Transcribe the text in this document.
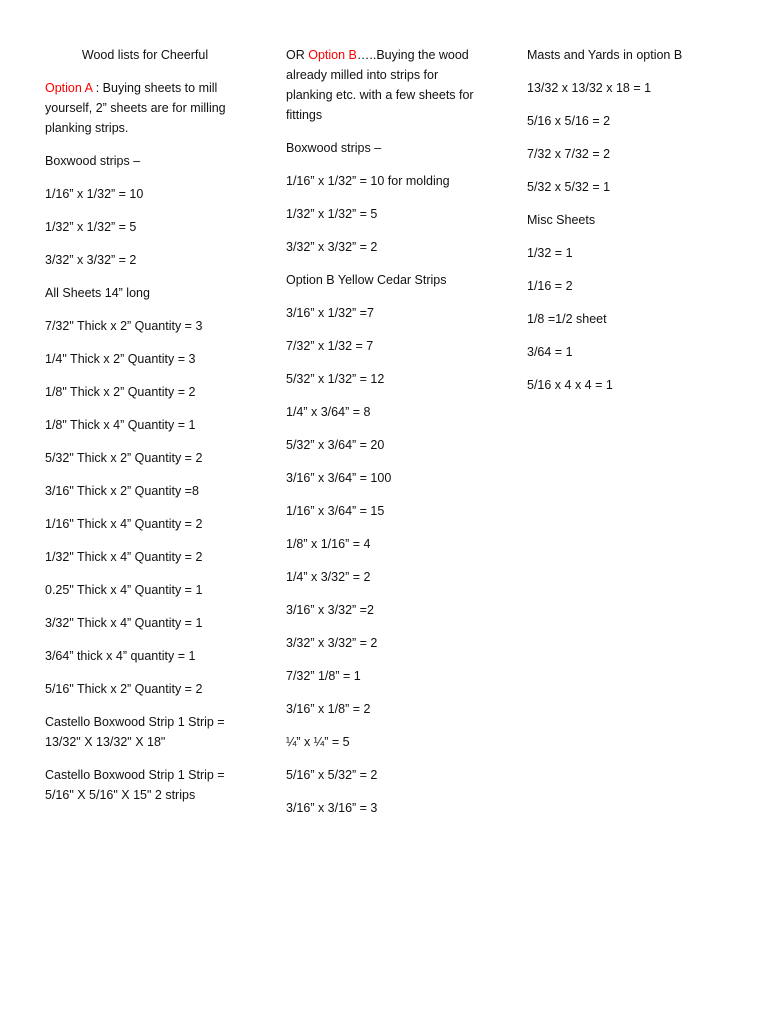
Wood lists for Cheerful

Option A : Buying sheets to mill yourself, 2” sheets are for milling planking strips.

Boxwood strips –

1/16” x 1/32” = 10

1/32” x 1/32” = 5

3/32” x 3/32” = 2

All Sheets 14” long

7/32" Thick x 2” Quantity = 3

1/4" Thick x 2” Quantity = 3

1/8" Thick x 2” Quantity = 2

1/8" Thick x 4” Quantity = 1

5/32" Thick x 2” Quantity = 2

3/16" Thick x 2” Quantity =8

1/16" Thick x 4” Quantity = 2

1/32" Thick x 4” Quantity = 2

0.25" Thick x 4” Quantity = 1

3/32" Thick x 4” Quantity = 1

3/64” thick x 4” quantity = 1

5/16" Thick x 2” Quantity = 2

Castello Boxwood Strip 1 Strip = 13/32" X 13/32" X 18"

Castello Boxwood Strip 1 Strip = 5/16" X 5/16" X 15" 2 strips

OR Option B…..Buying the wood already milled into strips for planking etc. with a few sheets for fittings

Boxwood strips –

1/16” x 1/32” = 10 for molding

1/32” x 1/32” = 5

3/32” x 3/32” = 2

Option B Yellow Cedar Strips

3/16” x 1/32” =7

7/32” x 1/32 = 7

5/32” x 1/32” = 12

1/4” x 3/64” = 8

5/32” x 3/64” = 20

3/16” x 3/64” = 100

1/16” x 3/64” = 15

1/8” x 1/16” = 4

1/4” x 3/32” = 2

3/16” x 3/32” =2

3/32” x 3/32” = 2

7/32” 1/8” = 1

3/16” x 1/8” = 2

¼” x ¼” = 5

5/16” x 5/32” = 2

3/16” x 3/16” = 3

Masts and Yards in option B

13/32 x 13/32 x 18 = 1

5/16 x 5/16 = 2

7/32 x 7/32 = 2

5/32 x 5/32 = 1

Misc Sheets

1/32 = 1

1/16 = 2

1/8 =1/2 sheet

3/64 = 1

5/16 x 4 x 4 = 1
